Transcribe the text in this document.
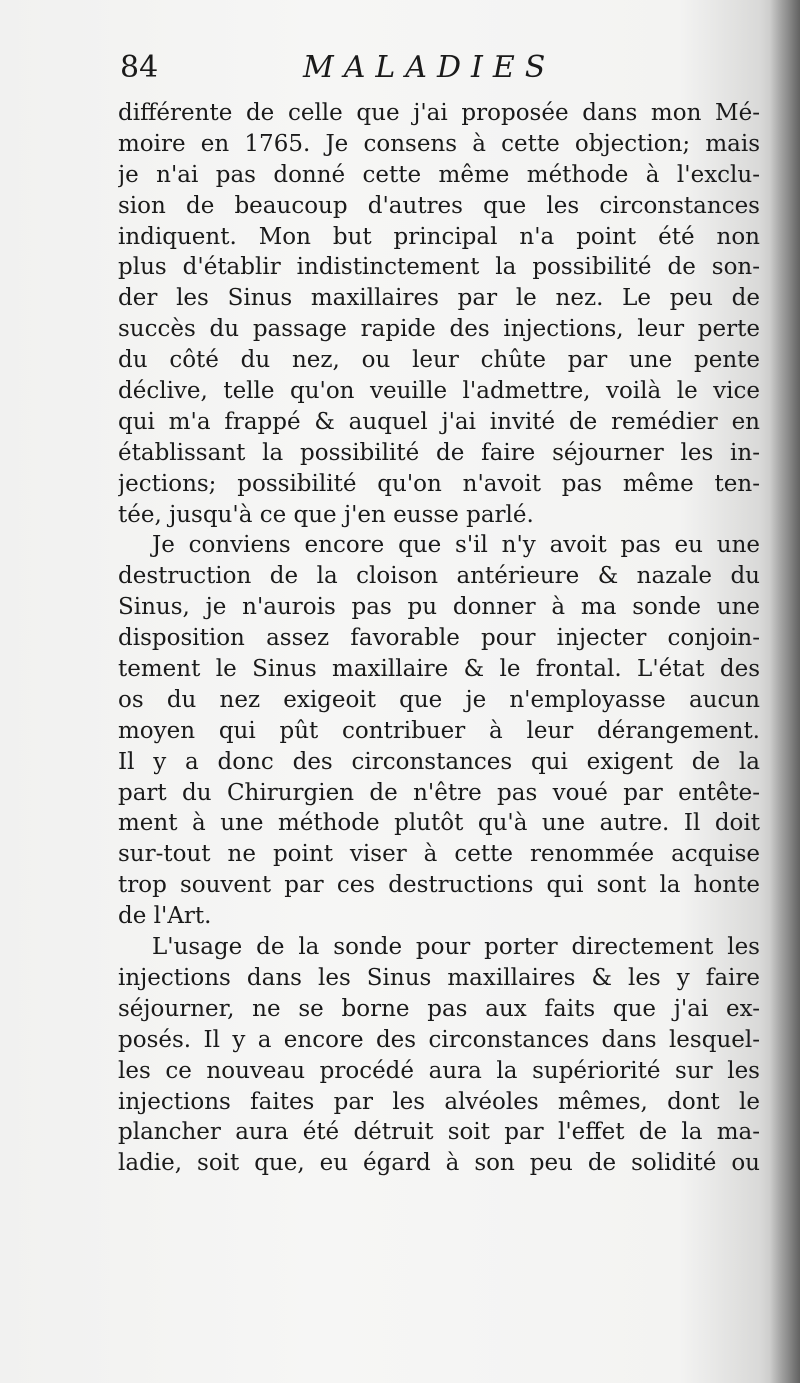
84	MALADIES
différente de celle que j'ai proposée dans mon Mé-
moire en 1765. Je consens à cette objection; mais
je n'ai pas donné cette même méthode à l'exclu-
sion de beaucoup d'autres que les circonstances
indiquent. Mon but principal n'a point été non
plus d'établir indistinctement la possibilité de son-
der les Sinus maxillaires par le nez. Le peu de
succès du passage rapide des injections, leur perte
du côté du nez, ou leur chûte par une pente
déclive, telle qu'on veuille l'admettre, voilà le vice
qui m'a frappé & auquel j'ai invité de remédier en
établissant la possibilité de faire séjourner les in-
jections; possibilité qu'on n'avoit pas même ten-
tée, jusqu'à ce que j'en eusse parlé.
Je conviens encore que s'il n'y avoit pas eu une
destruction de la cloison antérieure & nazale du
Sinus, je n'aurois pas pu donner à ma sonde une
disposition assez favorable pour injecter conjoin-
tement le Sinus maxillaire & le frontal. L'état des
os du nez exigeoit que je n'employasse aucun
moyen qui pût contribuer à leur dérangement.
Il y a donc des circonstances qui exigent de la
part du Chirurgien de n'être pas voué par entête-
ment à une méthode plutôt qu'à une autre. Il doit
sur-tout ne point viser à cette renommée acquise
trop souvent par ces destructions qui sont la honte
de l'Art.
L'usage de la sonde pour porter directement les
injections dans les Sinus maxillaires & les y faire
séjourner, ne se borne pas aux faits que j'ai ex-
posés. Il y a encore des circonstances dans lesquel-
les ce nouveau procédé aura la supériorité sur les
injections faites par les alvéoles mêmes, dont le
plancher aura été détruit soit par l'effet de la ma-
ladie, soit que, eu égard à son peu de solidité ou
